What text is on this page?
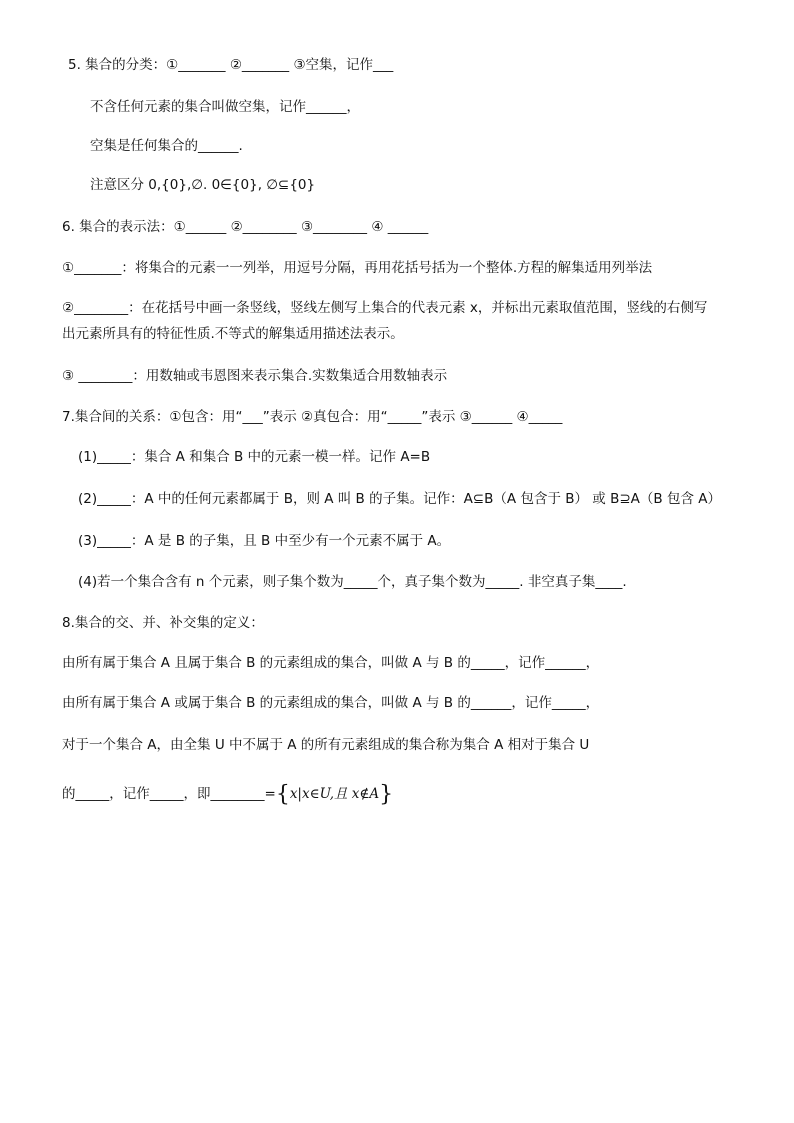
5. 集合的分类：①_______ ②_______ ③空集，记作___
不含任何元素的集合叫做空集，记作______，
空集是任何集合的______.
注意区分 0,{0},∅. 0∈{0}, ∅⊆{0}
6. 集合的表示法：①______ ②________ ③________ ④ ______
①_______：将集合的元素一一列举，用逗号分隔，再用花括号括为一个整体.方程的解集适用列举法
②________：在花括号中画一条竖线，竖线左侧写上集合的代表元素 x，并标出元素取值范围，竖线的右侧写
出元素所具有的特征性质.不等式的解集适用描述法表示。
③ ________：用数轴或韦恩图来表示集合.实数集适合用数轴表示
7.集合间的关系：①包含：用“___”表示 ②真包合：用“_____”表示 ③______ ④_____
(1)_____：集合 A 和集合 B 中的元素一模一样。记作 A=B
(2)_____：A 中的任何元素都属于 B，则 A 叫 B 的子集。记作：A⊆B（A 包含于 B） 或 B⊇A（B 包含 A）
(3)_____：A 是 B 的子集，且 B 中至少有一个元素不属于 A。
(4)若一个集合含有 n 个元素，则子集个数为_____个，真子集个数为_____. 非空真子集____.
8.集合的交、并、补交集的定义：
由所有属于集合 A 且属于集合 B 的元素组成的集合，叫做 A 与 B 的_____，记作______，
由所有属于集合 A 或属于集合 B 的元素组成的集合，叫做 A 与 B 的______，记作_____，
对于一个集合 A，由全集 U 中不属于 A 的所有元素组成的集合称为集合 A 相对于集合 U
的_____，记作_____，即________={x|x∈U,且 x∉A}
